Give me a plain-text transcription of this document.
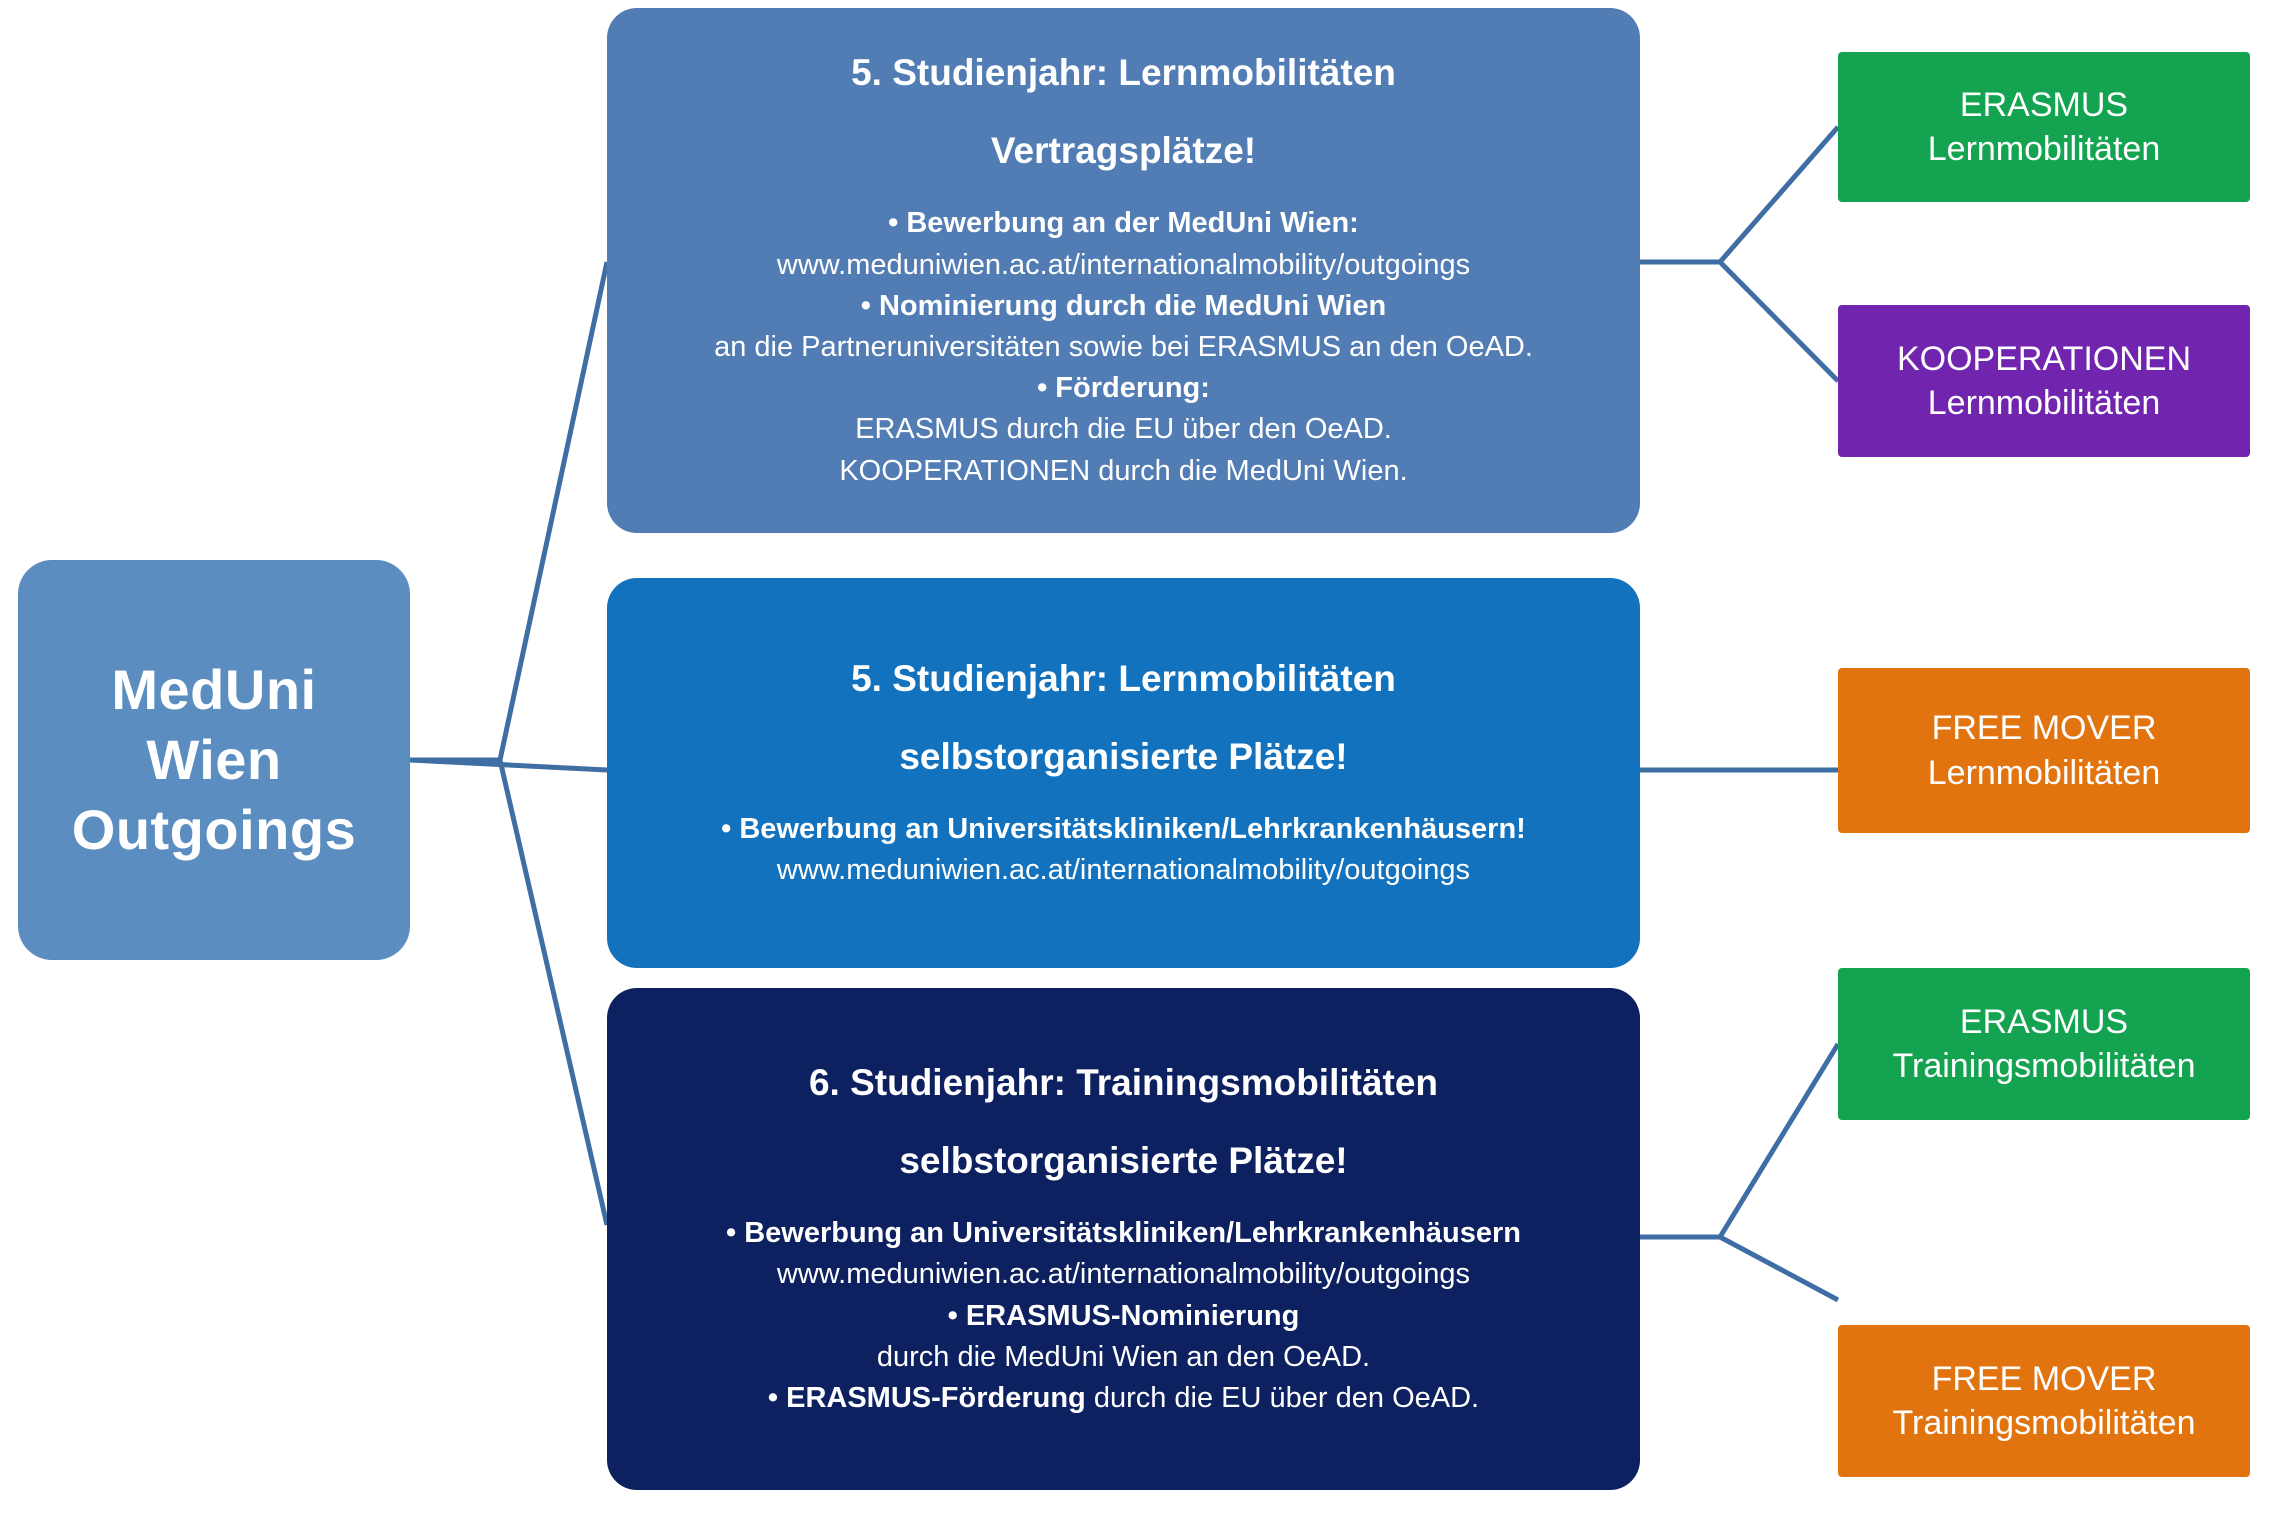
MedUni
Wien
Outgoings
5. Studienjahr: Lernmobilitäten
Vertragsplätze!
• Bewerbung an der MedUni Wien:
www.meduniwien.ac.at/internationalmobility/outgoings
• Nominierung durch die MedUni Wien
an die Partneruniversitäten sowie bei ERASMUS an den OeAD.
• Förderung:
ERASMUS durch die EU über den OeAD.
KOOPERATIONEN durch die MedUni Wien.
5. Studienjahr: Lernmobilitäten
selbstorganisierte Plätze!
• Bewerbung an Universitätskliniken/Lehrkrankenhäusern!
www.meduniwien.ac.at/internationalmobility/outgoings
6. Studienjahr: Trainingsmobilitäten
selbstorganisierte Plätze!
• Bewerbung an Universitätskliniken/Lehrkrankenhäusern
www.meduniwien.ac.at/internationalmobility/outgoings
• ERASMUS-Nominierung
durch die MedUni Wien an den OeAD.
• ERASMUS-Förderung durch die EU über den OeAD.
ERASMUS
Lernmobilitäten
KOOPERATIONEN
Lernmobilitäten
FREE MOVER
Lernmobilitäten
ERASMUS
Trainingsmobilitäten
FREE MOVER
Trainingsmobilitäten
